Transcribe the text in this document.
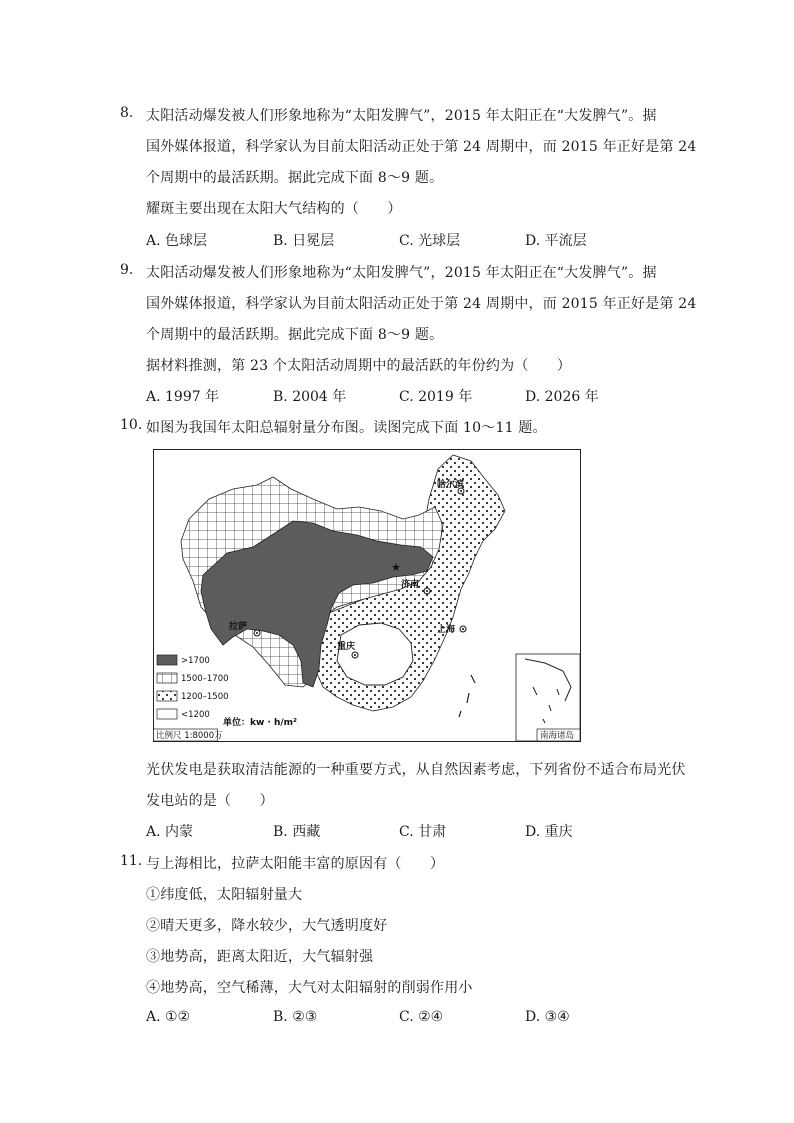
8. 太阳活动爆发被人们形象地称为“太阳发脾气”，2015 年太阳正在“大发脾气”。据
国外媒体报道，科学家认为目前太阳活动正处于第 24 周期中，而 2015 年正好是第 24
个周期中的最活跃期。据此完成下面 8～9 题。
耀斑主要出现在太阳大气结构的（　　）
A. 色球层	B. 日冕层	C. 光球层	D. 平流层
9. 太阳活动爆发被人们形象地称为“太阳发脾气”，2015 年太阳正在“大发脾气”。据
国外媒体报道，科学家认为目前太阳活动正处于第 24 周期中，而 2015 年正好是第 24
个周期中的最活跃期。据此完成下面 8～9 题。
据材料推测，第 23 个太阳活动周期中的最活跃的年份约为（　　）
A. 1997 年	B. 2004 年	C. 2019 年	D. 2026 年
10. 如图为我国年太阳总辐射量分布图。读图完成下面 10～11 题。
哈尔滨
济南
★
上海
重庆
拉萨
>1700
1500–1700
1200–1500
<1200
单位：kw · h/m²
比例尺 1:8000万	南海诸岛
光伏发电是获取清洁能源的一种重要方式，从自然因素考虑，下列省份不适合布局光伏
发电站的是（　　）
A. 内蒙	B. 西藏	C. 甘肃	D. 重庆
11. 与上海相比，拉萨太阳能丰富的原因有（　　）
①纬度低，太阳辐射量大
②晴天更多，降水较少，大气透明度好
③地势高，距离太阳近，大气辐射强
④地势高，空气稀薄，大气对太阳辐射的削弱作用小
A. ①②	B. ②③	C. ②④	D. ③④
